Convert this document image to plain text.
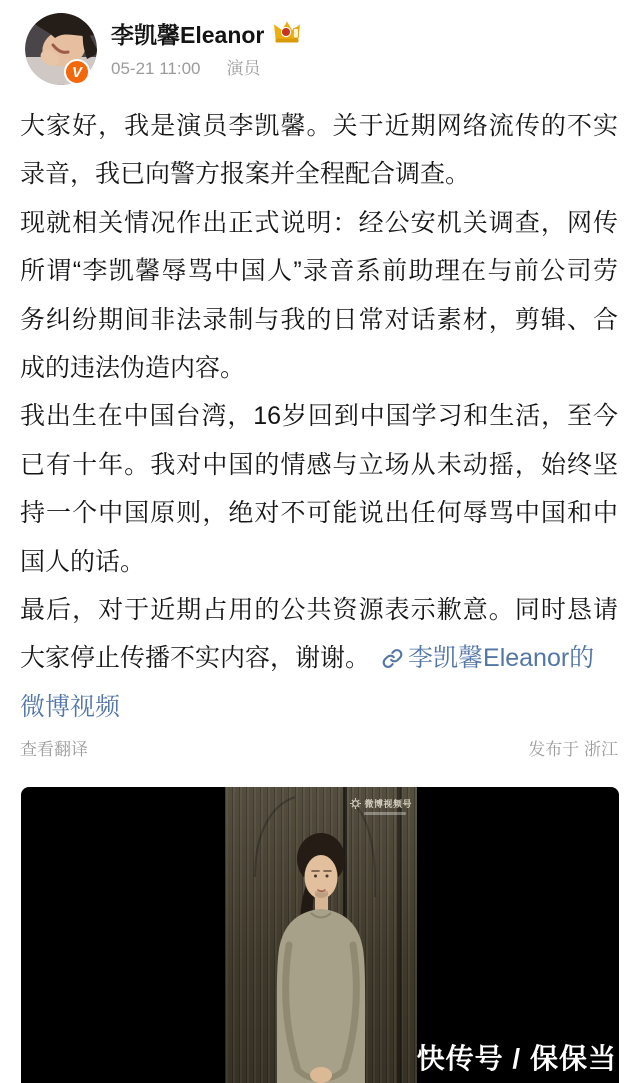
V
李凯馨Eleanor
05-21 11:00 演员
大家好，我是演员李凯馨。关于近期网络流传的不实
录音，我已向警方报案并全程配合调查。
现就相关情况作出正式说明：经公安机关调查，网传
所谓“李凯馨辱骂中国人”录音系前助理在与前公司劳
务纠纷期间非法录制与我的日常对话素材，剪辑、合
成的违法伪造内容。
我出生在中国台湾，16岁回到中国学习和生活，至今
已有十年。我对中国的情感与立场从未动摇，始终坚
持一个中国原则，绝对不可能说出任何辱骂中国和中
国人的话。
最后，对于近期占用的公共资源表示歉意。同时恳请
大家停止传播不实内容，谢谢。 李凯馨Eleanor的
微博视频
查看翻译	发布于 浙江
微博视频号
快传号 / 保保当
